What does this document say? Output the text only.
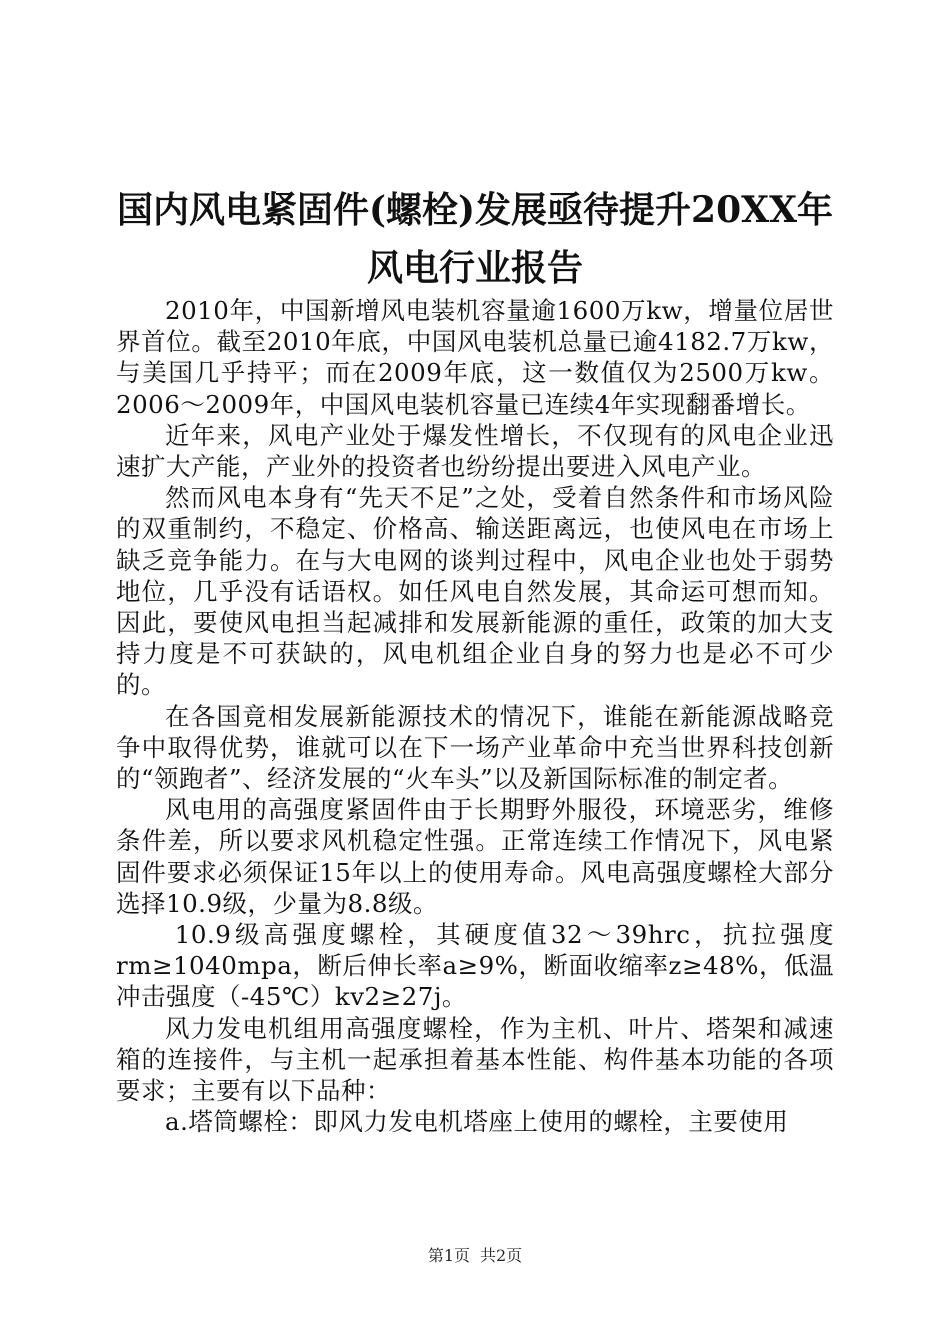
国内风电紧固件(螺栓)发展亟待提升20XX年
风电行业报告

2010年，中国新增风电装机容量逾1600万kw，增量位居世界首位。截至2010年底，中国风电装机总量已逾4182.7万kw，与美国几乎持平；而在2009年底，这一数值仅为2500万kw。2006～2009年，中国风电装机容量已连续4年实现翻番增长。

近年来，风电产业处于爆发性增长，不仅现有的风电企业迅速扩大产能，产业外的投资者也纷纷提出要进入风电产业。

然而风电本身有“先天不足”之处，受着自然条件和市场风险的双重制约，不稳定、价格高、输送距离远，也使风电在市场上缺乏竞争能力。在与大电网的谈判过程中，风电企业也处于弱势地位，几乎没有话语权。如任风电自然发展，其命运可想而知。因此，要使风电担当起减排和发展新能源的重任，政策的加大支持力度是不可获缺的，风电机组企业自身的努力也是必不可少的。

在各国竟相发展新能源技术的情况下，谁能在新能源战略竞争中取得优势，谁就可以在下一场产业革命中充当世界科技创新的“领跑者”、经济发展的“火车头”以及新国际标准的制定者。

风电用的高强度紧固件由于长期野外服役，环境恶劣，维修条件差，所以要求风机稳定性强。正常连续工作情况下，风电紧固件要求必须保证15年以上的使用寿命。风电高强度螺栓大部分选择10.9级，少量为8.8级。

10.9级高强度螺栓，其硬度值32～39hrc，抗拉强度rm≥1040mpa，断后伸长率a≥9%，断面收缩率z≥48%，低温冲击强度（-45℃）kv2≥27j。

风力发电机组用高强度螺栓，作为主机、叶片、塔架和减速箱的连接件，与主机一起承担着基本性能、构件基本功能的各项要求；主要有以下品种：

a.塔筒螺栓：即风力发电机塔座上使用的螺栓，主要使用

第1页 共2页
